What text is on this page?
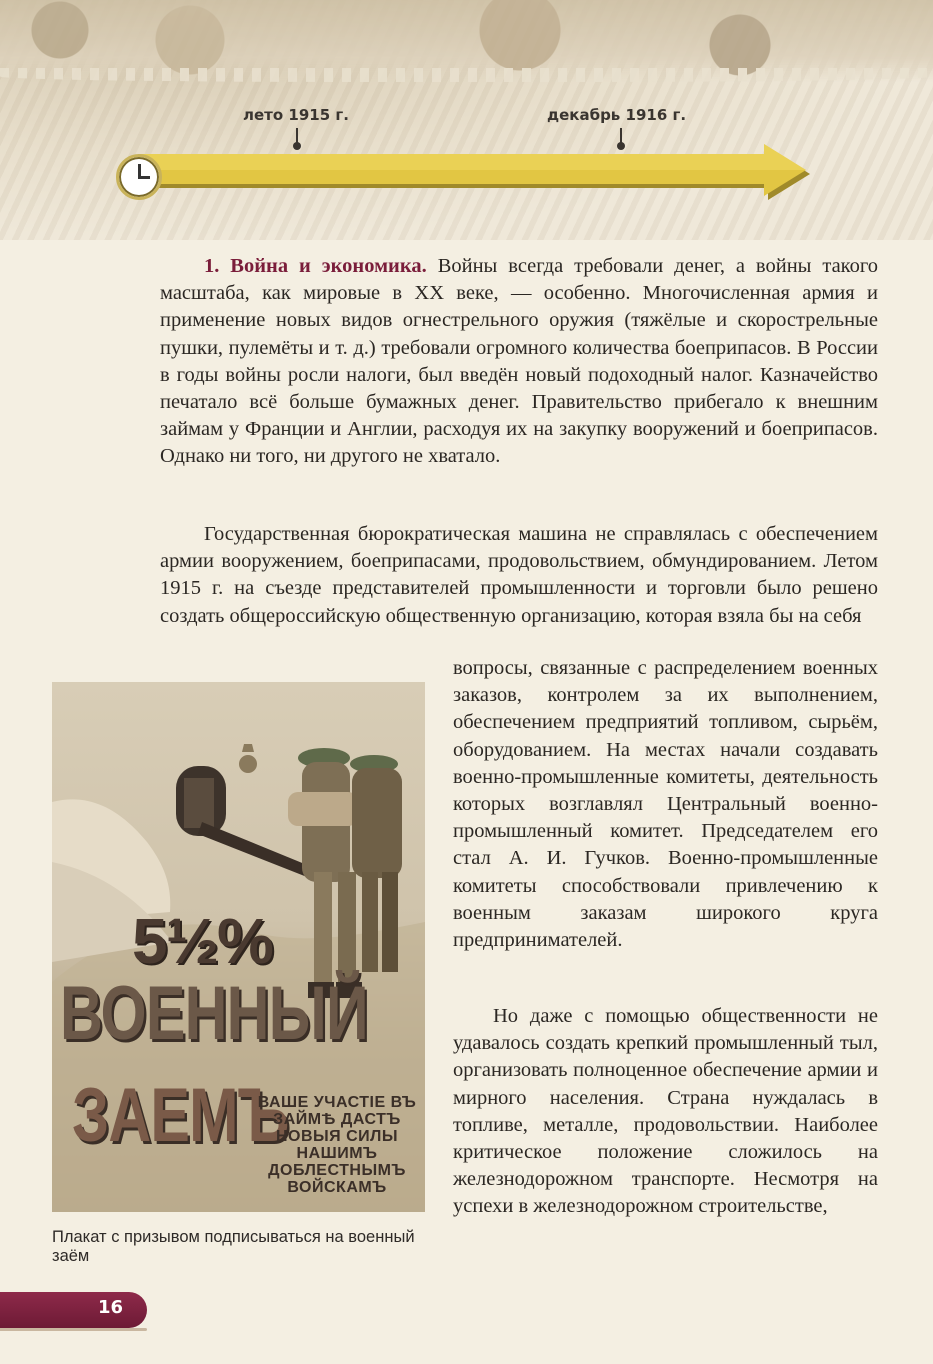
лето 1915 г.	декабрь 1916 г.

1. Война и экономика. Войны всегда требовали денег, а войны такого масштаба, как мировые в XX веке, — особенно. Многочисленная армия и применение новых видов огнестрельного оружия (тяжёлые и скорострельные пушки, пулемёты и т. д.) требовали огромного количества боеприпасов. В России в годы войны росли налоги, был введён новый подоходный налог. Казначейство печатало всё больше бумажных денег. Правительство прибегало к внешним займам у Франции и Англии, расходуя их на закупку вооружений и боеприпасов. Однако ни того, ни другого не хватало.

Государственная бюрократическая машина не справлялась с обеспечением армии вооружением, боеприпасами, продовольствием, обмундированием. Летом 1915 г. на съезде представителей промышленности и торговли было решено создать общероссийскую общественную организацию, которая взяла бы на себя

вопросы, связанные с распределением военных заказов, контролем за их выполнением, обеспечением предприятий топливом, сырьём, оборудованием. На местах начали создавать военно-промышленные комитеты, деятельность которых возглавлял Центральный военно-промышленный комитет. Председателем его стал А. И. Гучков. Военно-промышленные комитеты способствовали привлечению к военным заказам широкого круга предпринимателей.

Но даже с помощью общественности не удавалось создать крепкий промышленный тыл, организовать полноценное обеспечение армии и мирного населения. Страна нуждалась в топливе, металле, продовольствии. Наиболее критическое положение сложилось на железнодорожном транспорте. Несмотря на успехи в железнодорожном строительстве,

5½%
ВОЕННЫЙ
ЗАЕМЪ
ВАШЕ УЧАСТІЕ ВЪ
ЗАЙМѢ ДАСТЪ
НОВЫЯ СИЛЫ
НАШИМЪ
ДОБЛЕСТНЫМЪ
ВОЙСКАМЪ

Плакат с призывом подписываться на военный заём

16
